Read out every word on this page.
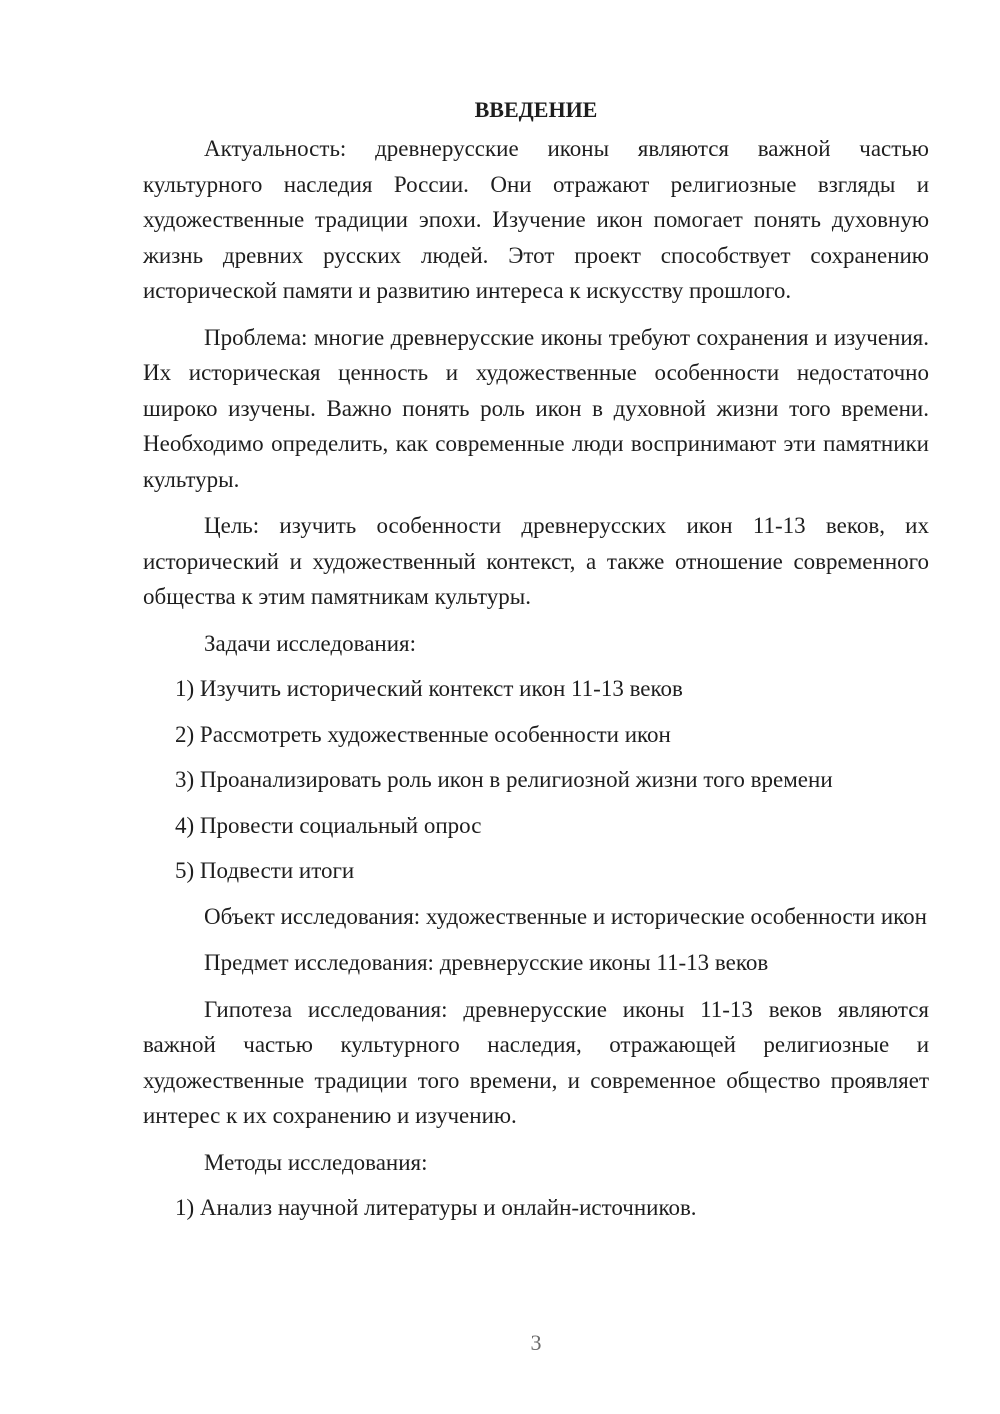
ВВЕДЕНИЕ

Актуальность: древнерусские иконы являются важной частью культурного наследия России. Они отражают религиозные взгляды и художественные традиции эпохи. Изучение икон помогает понять духовную жизнь древних русских людей. Этот проект способствует сохранению исторической памяти и развитию интереса к искусству прошлого.

Проблема: многие древнерусские иконы требуют сохранения и изучения. Их историческая ценность и художественные особенности недостаточно широко изучены. Важно понять роль икон в духовной жизни того времени. Необходимо определить, как современные люди воспринимают эти памятники культуры.

Цель: изучить особенности древнерусских икон 11-13 веков, их исторический и художественный контекст, а также отношение современного общества к этим памятникам культуры.

Задачи исследования:

1) Изучить исторический контекст икон 11-13 веков
2) Рассмотреть художественные особенности икон
3) Проанализировать роль икон в религиозной жизни того времени
4) Провести социальный опрос
5) Подвести итоги

Объект исследования: художественные и исторические особенности икон

Предмет исследования: древнерусские иконы 11-13 веков

Гипотеза исследования: древнерусские иконы 11-13 веков являются важной частью культурного наследия, отражающей религиозные и художественные традиции того времени, и современное общество проявляет интерес к их сохранению и изучению.

Методы исследования:

1) Анализ научной литературы и онлайн-источников.
3
